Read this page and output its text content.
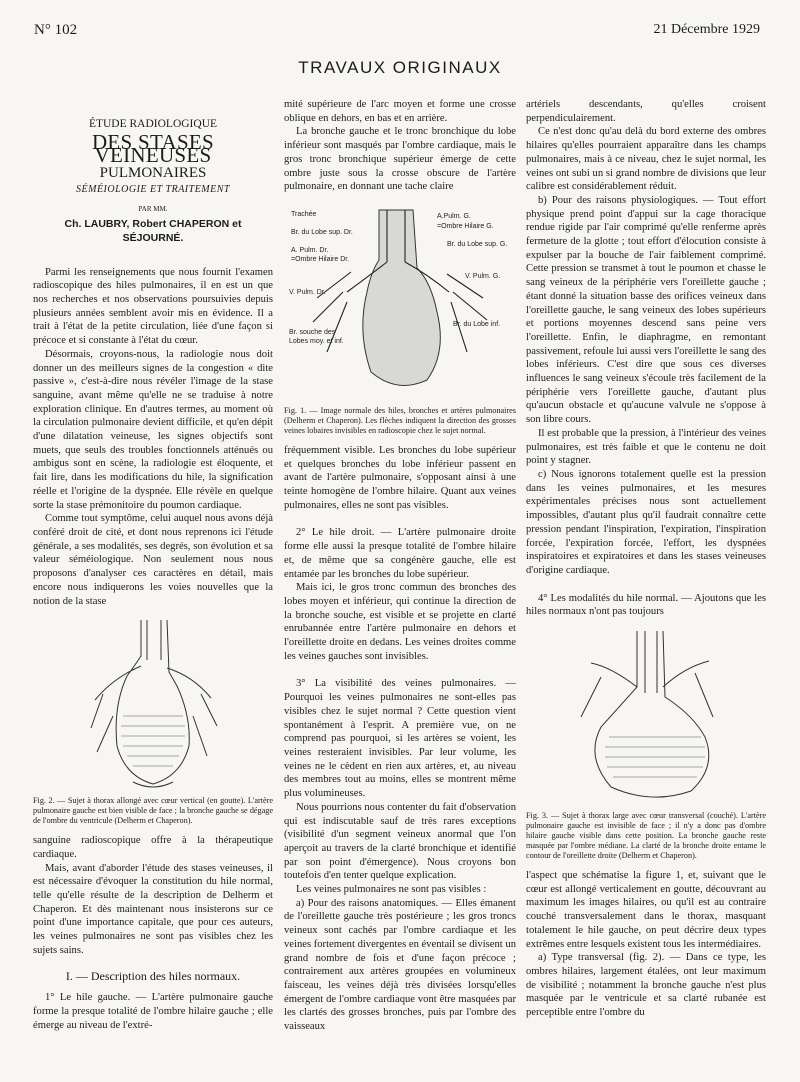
N° 102	21 Décembre 1929
TRAVAUX ORIGINAUX
ÉTUDE RADIOLOGIQUE
DES STASES VEINEUSES
PULMONAIRES
SÉMÉIOLOGIE ET TRAITEMENT
PAR MM.
Ch. LAUBRY, Robert CHAPERON et SÉJOURNÉ.

Parmi les renseignements que nous fournit l'examen radioscopique des hiles pulmonaires, il en est un que nos recherches et nos observations poursuivies depuis plusieurs années semblent avoir mis en évidence. Il a trait à l'état de la petite circulation, liée d'une façon si précoce et si constante à l'état du cœur.

Désormais, croyons-nous, la radiologie nous doit donner un des meilleurs signes de la congestion « dite passive », c'est-à-dire nous révéler l'image de la stase sanguine, avant même qu'elle ne se traduise à notre exploration clinique. En d'autres termes, au moment où la circulation pulmonaire devient difficile, et qu'en dépit d'une dilatation veineuse, les signes objectifs sont muets, que seuls des troubles fonctionnels atténués ou ambigus sont en scène, la radiologie est éloquente, et fait lire, dans les modifications du hile, la signification réelle et l'origine de la dyspnée. Elle révèle en quelque sorte la stase prémonitoire du poumon cardiaque.

Comme tout symptôme, celui auquel nous avons déjà conféré droit de cité, et dont nous reprenons ici l'étude générale, a ses modalités, ses degrés, son évolution et sa valeur séméiologique. Non seulement nous nous proposons d'analyser ces caractères en détail, mais encore nous indiquerons les voies nouvelles que la notion de la stase

Fig. 2. — Sujet à thorax allongé avec cœur vertical (en goutte). L'artère pulmonaire gauche est bien visible de face ; la bronche gauche se dégage de l'ombre du ventricule (Delherm et Chaperon).

sanguine radioscopique offre à la thérapeutique cardiaque.

Mais, avant d'aborder l'étude des stases veineuses, il est nécessaire d'évoquer la constitution du hile normal, telle qu'elle résulte de la description de Delherm et Chaperon. Et dès maintenant nous insisterons sur ce point d'une importance capitale, que pour ces auteurs, les veines pulmonaires ne sont pas visibles chez les sujets sains.

I. — Description des hiles normaux.

1° Le hile gauche. — L'artère pulmonaire gauche forme la presque totalité de l'ombre hilaire gauche ; elle émerge au niveau de l'extré-

mité supérieure de l'arc moyen et forme une crosse oblique en dehors, en bas et en arrière.

La bronche gauche et le tronc bronchique du lobe inférieur sont masqués par l'ombre cardiaque, mais le gros tronc bronchique supérieur émerge de cette ombre juste sous la crosse obscure de l'artère pulmonaire, en donnant une tache claire

Trachée	A.Pulm. G.
=Ombre Hilaire G.
Br. du Lobe sup. Dr.
Br. du Lobe sup. G.
A. Pulm. Dr.
=Ombre Hilaire Dr.
V. Pulm. G.
V. Pulm. Dr.
Br. du Lobe inf.
Br. souche des
Lobes moy. et inf.
Fig. 1. — Image normale des hiles, bronches et artères pulmonaires (Delherm et Chaperon). Les flèches indiquent la direction des grosses veines lobaires invisibles en radioscopie chez le sujet normal.

fréquemment visible. Les bronches du lobe supérieur et quelques bronches du lobe inférieur passent en avant de l'artère pulmonaire, s'opposant ainsi à une teinte homogène de l'ombre hilaire. Quant aux veines pulmonaires, elles ne sont pas visibles.

2° Le hile droit. — L'artère pulmonaire droite forme elle aussi la presque totalité de l'ombre hilaire et, de même que sa congénère gauche, elle est entamée par les bronches du lobe supérieur.

Mais ici, le gros tronc commun des bronches des lobes moyen et inférieur, qui continue la direction de la bronche souche, est visible et se projette en clarté enrubannée entre l'artère pulmonaire en dehors et l'oreillette droite en dedans. Les veines droites comme les veines gauches sont invisibles.

3° La visibilité des veines pulmonaires. — Pourquoi les veines pulmonaires ne sont-elles pas visibles chez le sujet normal ? Cette question vient spontanément à l'esprit. A première vue, on ne comprend pas pourquoi, si les artères se voient, les veines resteraient invisibles. Par leur volume, les veines ne le cèdent en rien aux artères, et, au niveau des membres tout au moins, elles se montrent même plus volumineuses.

Nous pourrions nous contenter du fait d'observation qui est indiscutable sauf de très rares exceptions (visibilité d'un segment veineux anormal que l'on aperçoit au travers de la clarté bronchique et identifié par son point d'émergence). Nous croyons bon toutefois d'en tenter quelque explication.

Les veines pulmonaires ne sont pas visibles :

a) Pour des raisons anatomiques. — Elles émanent de l'oreillette gauche très postérieure ; les gros troncs veineux sont cachés par l'ombre cardiaque et les veines fortement divergentes en éventail se divisent un grand nombre de fois et d'une façon précoce ; contrairement aux artères groupées en volumineux faisceau, les veines déjà très divisées lorsqu'elles émergent de l'ombre cardiaque vont être masquées par les clartés des grosses bronches, puis par l'ombre des vaisseaux

artériels descendants, qu'elles croisent perpendiculairement.

Ce n'est donc qu'au delà du bord externe des ombres hilaires qu'elles pourraient apparaître dans les champs pulmonaires, mais à ce niveau, chez le sujet normal, les veines ont subi un si grand nombre de divisions que leur calibre est considérablement réduit.

b) Pour des raisons physiologiques. — Tout effort physique prend point d'appui sur la cage thoracique rendue rigide par l'air comprimé qu'elle renferme après fermeture de la glotte ; tout effort d'élocution consiste à expulser par la bouche de l'air faiblement comprimé. Cette pression se transmet à tout le poumon et chasse le sang veineux de la périphérie vers l'oreillette gauche ; étant donné la situation basse des orifices veineux dans l'oreillette gauche, le sang veineux des lobes supérieurs et portions moyennes descend sans peine vers l'oreillette. Enfin, le diaphragme, en remontant passivement, refoule lui aussi vers l'oreillette le sang des lobes inférieurs. C'est dire que sous ces diverses influences le sang veineux s'écoule très facilement de la périphérie vers l'oreillette gauche, d'autant plus qu'aucun obstacle et qu'aucune valvule ne s'oppose à son libre cours.

Il est probable que la pression, à l'intérieur des veines pulmonaires, est très faible et que le contenu ne doit point y stagner.

c) Nous ignorons totalement quelle est la pression dans les veines pulmonaires, et les mesures expérimentales précises nous sont actuellement impossibles, d'autant plus qu'il faudrait connaître cette pression pendant l'inspiration, l'expiration, l'inspiration forcée, l'expiration forcée, l'effort, les dyspnées inspiratoires et expiratoires et dans les stases veineuses d'origine cardiaque.

4° Les modalités du hile normal. — Ajoutons que les hiles normaux n'ont pas toujours

Fig. 3. — Sujet à thorax large avec cœur transversal (couché). L'artère pulmonaire gauche est invisible de face ; il n'y a donc pas d'ombre hilaire gauche visible dans cette position. La bronche gauche reste masquée par l'ombre médiane. La clarté de la bronche droite entame le contour de l'oreillette droite (Delherm et Chaperon).

l'aspect que schématise la figure 1, et, suivant que le cœur est allongé verticalement en goutte, découvrant au maximum les images hilaires, ou qu'il est au contraire couché transversalement dans le thorax, masquant totalement le hile gauche, on peut décrire deux types extrêmes entre lesquels existent tous les intermédiaires.

a) Type transversal (fig. 2). — Dans ce type, les ombres hilaires, largement étalées, ont leur maximum de visibilité ; notamment la bronche gauche n'est plus masquée par le ventricule et sa clarté rubanée est perceptible entre l'ombre du
